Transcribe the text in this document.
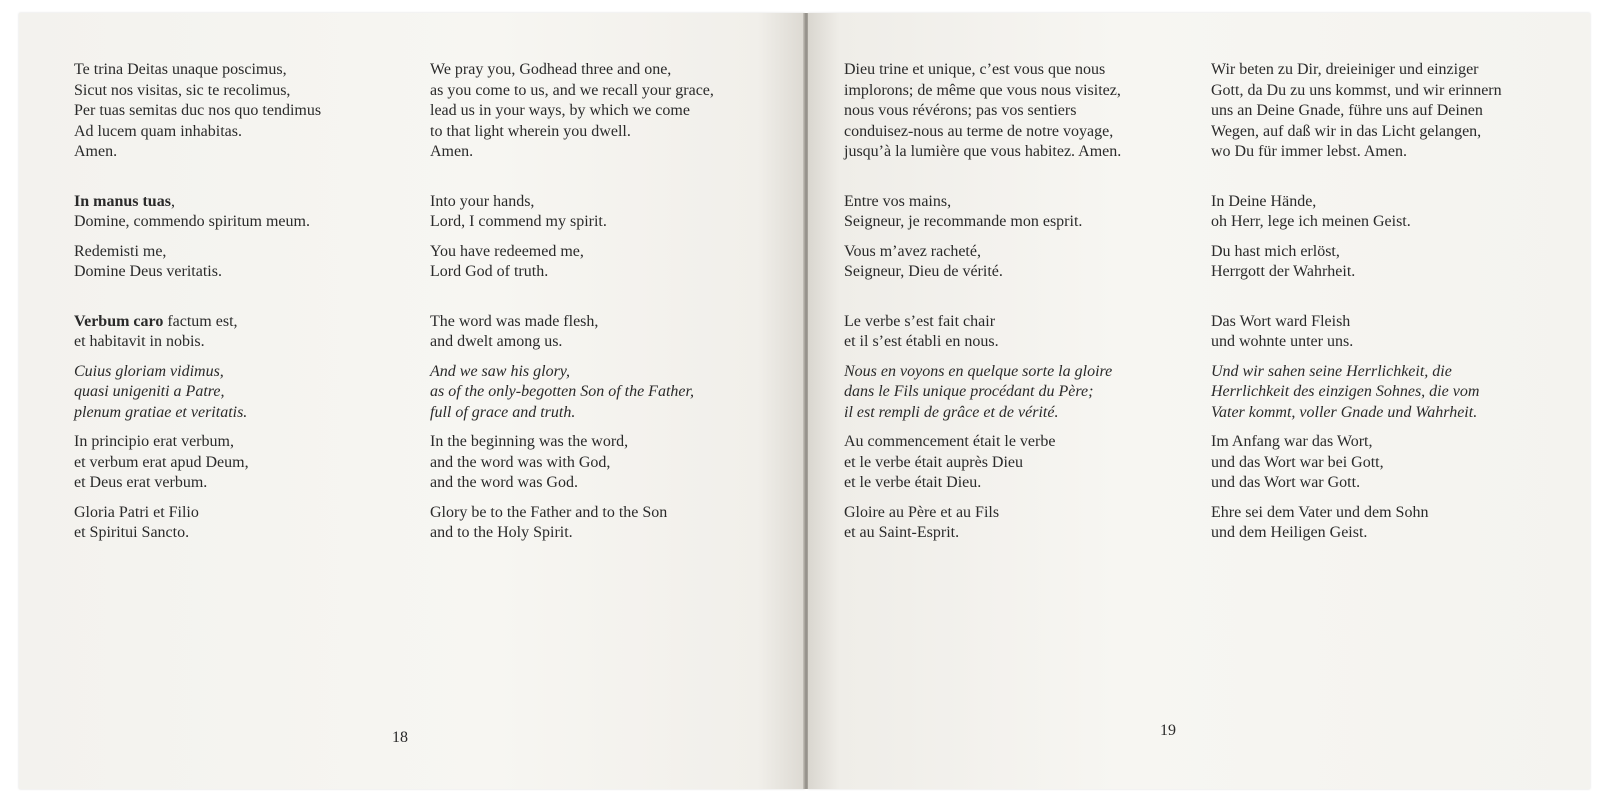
Te trina Deitas unaque poscimus,
Sicut nos visitas, sic te recolimus,
Per tuas semitas duc nos quo tendimus
Ad lucem quam inhabitas.
Amen.
In manus tuas,
Domine, commendo spiritum meum.
Redemisti me,
Domine Deus veritatis.
Verbum caro factum est,
et habitavit in nobis.
Cuius gloriam vidimus,
quasi unigeniti a Patre,
plenum gratiae et veritatis.
In principio erat verbum,
et verbum erat apud Deum,
et Deus erat verbum.
Gloria Patri et Filio
et Spiritui Sancto.
We pray you, Godhead three and one,
as you come to us, and we recall your grace,
lead us in your ways, by which we come
to that light wherein you dwell.
Amen.
Into your hands,
Lord, I commend my spirit.
You have redeemed me,
Lord God of truth.
The word was made flesh,
and dwelt among us.
And we saw his glory,
as of the only-begotten Son of the Father,
full of grace and truth.
In the beginning was the word,
and the word was with God,
and the word was God.
Glory be to the Father and to the Son
and to the Holy Spirit.
18
Dieu trine et unique, c’est vous que nous
implorons; de même que vous nous visitez,
nous vous révérons; pas vos sentiers
conduisez-nous au terme de notre voyage,
jusqu’à la lumière que vous habitez. Amen.
Entre vos mains,
Seigneur, je recommande mon esprit.
Vous m’avez racheté,
Seigneur, Dieu de vérité.
Le verbe s’est fait chair
et il s’est établi en nous.
Nous en voyons en quelque sorte la gloire
dans le Fils unique procédant du Père;
il est rempli de grâce et de vérité.
Au commencement était le verbe
et le verbe était auprès Dieu
et le verbe était Dieu.
Gloire au Père et au Fils
et au Saint-Esprit.
Wir beten zu Dir, dreieiniger und einziger
Gott, da Du zu uns kommst, und wir erinnern
uns an Deine Gnade, führe uns auf Deinen
Wegen, auf daß wir in das Licht gelangen,
wo Du für immer lebst. Amen.
In Deine Hände,
oh Herr, lege ich meinen Geist.
Du hast mich erlöst,
Herrgott der Wahrheit.
Das Wort ward Fleish
und wohnte unter uns.
Und wir sahen seine Herrlichkeit, die
Herrlichkeit des einzigen Sohnes, die vom
Vater kommt, voller Gnade und Wahrheit.
Im Anfang war das Wort,
und das Wort war bei Gott,
und das Wort war Gott.
Ehre sei dem Vater und dem Sohn
und dem Heiligen Geist.
19
